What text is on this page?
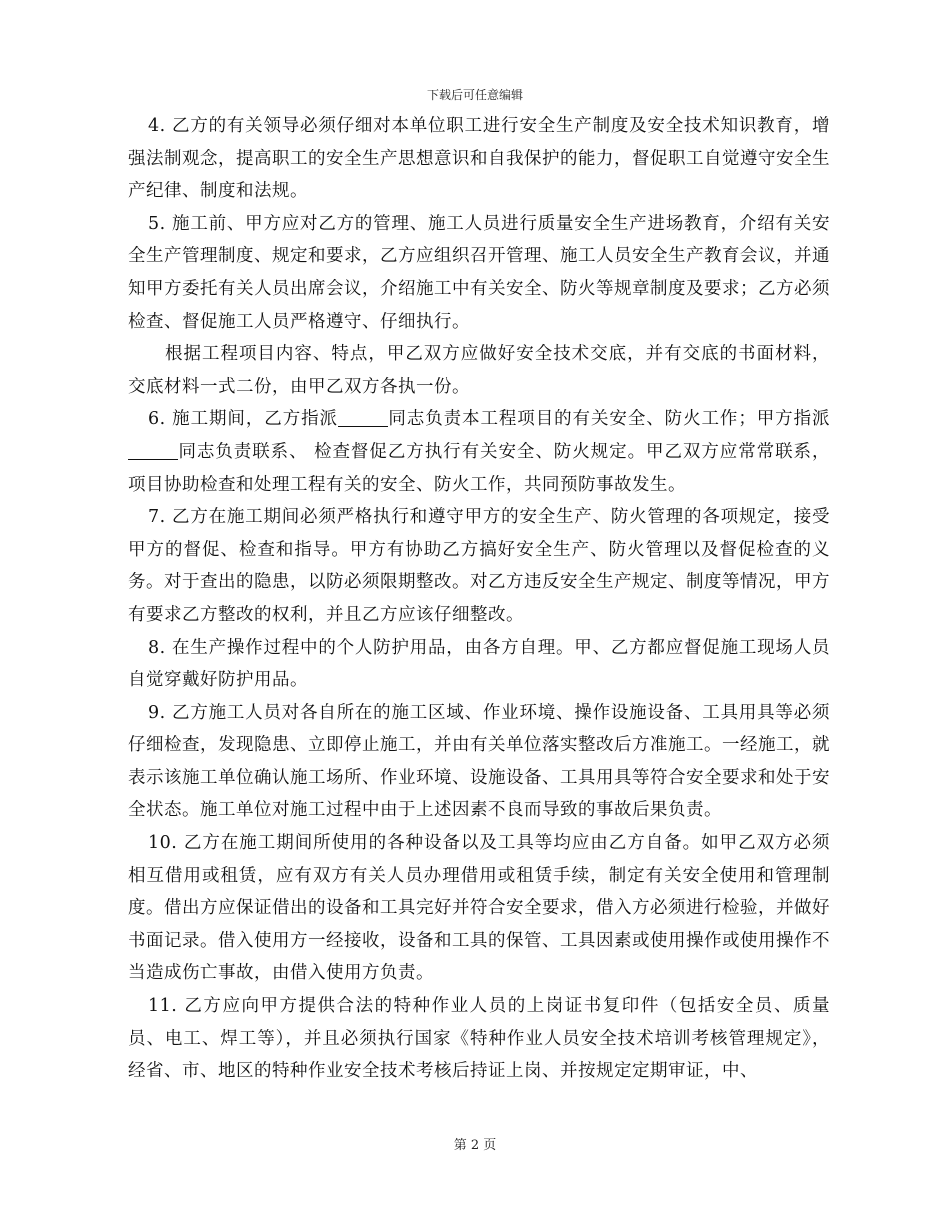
下载后可任意编辑

4. 乙方的有关领导必须仔细对本单位职工进行安全生产制度及安全技术知识教育，增强法制观念，提高职工的安全生产思想意识和自我保护的能力，督促职工自觉遵守安全生产纪律、制度和法规。

5. 施工前、甲方应对乙方的管理、施工人员进行质量安全生产进场教育，介绍有关安全生产管理制度、规定和要求，乙方应组织召开管理、施工人员安全生产教育会议，并通知甲方委托有关人员出席会议，介绍施工中有关安全、防火等规章制度及要求；乙方必须检查、督促施工人员严格遵守、仔细执行。

根据工程项目内容、特点，甲乙双方应做好安全技术交底，并有交底的书面材料，交底材料一式二份，由甲乙双方各执一份。

6. 施工期间，乙方指派	同志负责本工程项目的有关安全、防火工作；甲方指派同志负责联系、 检查督促乙方执行有关安全、防火规定。甲乙双方应常常联系，项目协助检查和处理工程有关的安全、防火工作，共同预防事故发生。

7. 乙方在施工期间必须严格执行和遵守甲方的安全生产、防火管理的各项规定，接受甲方的督促、检查和指导。甲方有协助乙方搞好安全生产、防火管理以及督促检查的义务。对于查出的隐患，以防必须限期整改。对乙方违反安全生产规定、制度等情况，甲方有要求乙方整改的权利，并且乙方应该仔细整改。

8. 在生产操作过程中的个人防护用品，由各方自理。甲、乙方都应督促施工现场人员自觉穿戴好防护用品。

9. 乙方施工人员对各自所在的施工区域、作业环境、操作设施设备、工具用具等必须仔细检查，发现隐患、立即停止施工，并由有关单位落实整改后方准施工。一经施工，就表示该施工单位确认施工场所、作业环境、设施设备、工具用具等符合安全要求和处于安全状态。施工单位对施工过程中由于上述因素不良而导致的事故后果负责。

10. 乙方在施工期间所使用的各种设备以及工具等均应由乙方自备。如甲乙双方必须相互借用或租赁，应有双方有关人员办理借用或租赁手续，制定有关安全使用和管理制度。借出方应保证借出的设备和工具完好并符合安全要求，借入方必须进行检验，并做好书面记录。借入使用方一经接收，设备和工具的保管、工具因素或使用操作或使用操作不当造成伤亡事故，由借入使用方负责。

11. 乙方应向甲方提供合法的特种作业人员的上岗证书复印件（包括安全员、质量员、电工、焊工等），并且必须执行国家《特种作业人员安全技术培训考核管理规定》，经省、市、地区的特种作业安全技术考核后持证上岗、并按规定定期审证，中、

第 2 页
